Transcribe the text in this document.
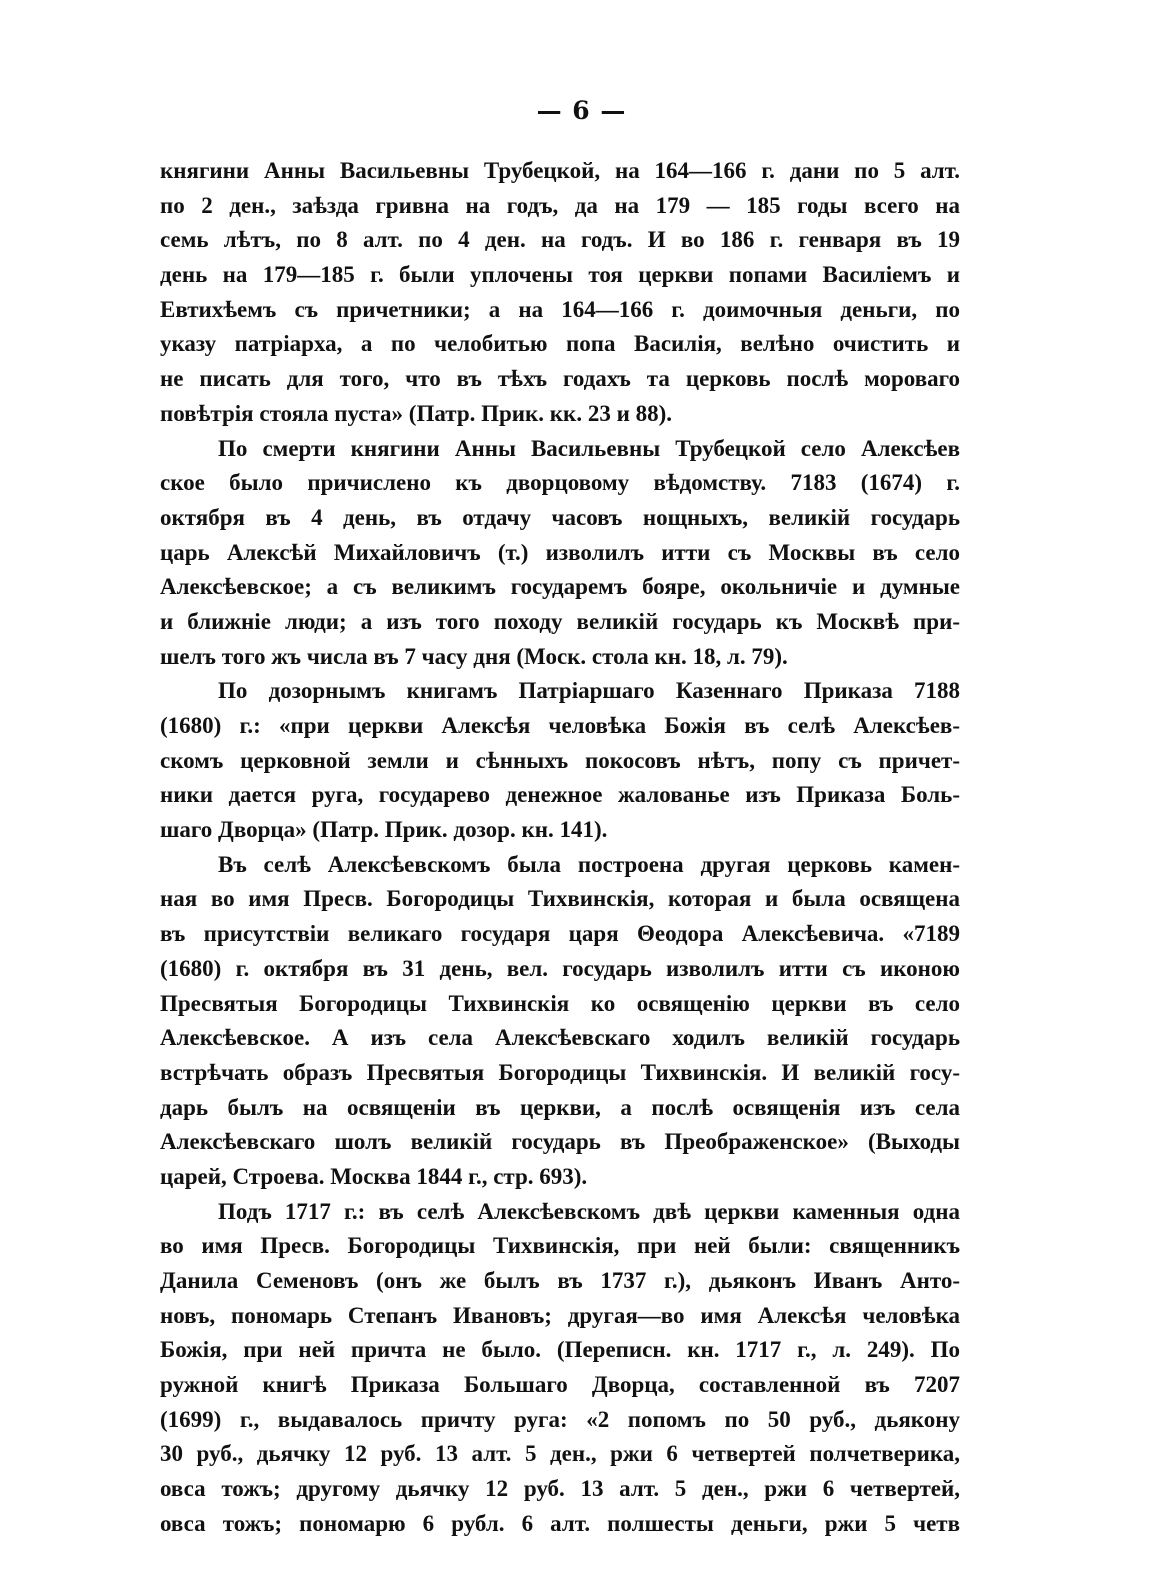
— 6 —
княгини Анны Васильевны Трубецкой, на 164—166 г. дани по 5 алт.
по 2 ден., заѣзда гривна на годъ, да на 179 — 185 годы всего на
семь лѣтъ, по 8 алт. по 4 ден. на годъ. И во 186 г. генваря въ 19
день на 179—185 г. были уплочены тоя церкви попами Василіемъ и
Евтихѣемъ съ причетники; а на 164—166 г. доимочныя деньги, по
указу патріарха, а по челобитью попа Василія, велѣно очистить и
не писать для того, что въ тѣхъ годахъ та церковь послѣ мороваго
повѣтрія стояла пуста» (Патр. Прик. кк. 23 и 88).
По смерти княгини Анны Васильевны Трубецкой село Алексѣев
ское было причислено къ дворцовому вѣдомству. 7183 (1674) г.
октября въ 4 день, въ отдачу часовъ нощныхъ, великій государь
царь Алексѣй Михайловичъ (т.) изволилъ итти съ Москвы въ село
Алексѣевское; а съ великимъ государемъ бояре, окольничіе и думные
и ближніе люди; а изъ того походу великій государь къ Москвѣ при-
шелъ того жъ числа въ 7 часу дня (Моск. стола кн. 18, л. 79).
По дозорнымъ книгамъ Патріаршаго Казеннаго Приказа 7188
(1680) г.: «при церкви Алексѣя человѣка Божія въ селѣ Алексѣев-
скомъ церковной земли и сѣнныхъ покосовъ нѣтъ, попу съ причет-
ники дается руга, государево денежное жалованье изъ Приказа Боль-
шаго Дворца» (Патр. Прик. дозор. кн. 141).
Въ селѣ Алексѣевскомъ была построена другая церковь камен-
ная во имя Пресв. Богородицы Тихвинскія, которая и была освящена
въ присутствіи великаго государя царя Θеодора Алексѣевича. «7189
(1680) г. октября въ 31 день, вел. государь изволилъ итти съ иконою
Пресвятыя Богородицы Тихвинскія ко освященію церкви въ село
Алексѣевское. А изъ села Алексѣевскаго ходилъ великій государь
встрѣчать образъ Пресвятыя Богородицы Тихвинскія. И великій госу-
дарь былъ на освященіи въ церкви, а послѣ освященія изъ села
Алексѣевскаго шолъ великій государь въ Преображенское» (Выходы
царей, Строева. Москва 1844 г., стр. 693).
Подъ 1717 г.: въ селѣ Алексѣевскомъ двѣ церкви каменныя одна
во имя Пресв. Богородицы Тихвинскія, при ней были: священникъ
Данила Семеновъ (онъ же былъ въ 1737 г.), дьяконъ Иванъ Анто-
новъ, пономарь Степанъ Ивановъ; другая—во имя Алексѣя человѣка
Божія, при ней причта не было. (Переписн. кн. 1717 г., л. 249). По
ружной книгѣ Приказа Большаго Дворца, составленной въ 7207
(1699) г., выдавалось причту руга: «2 попомъ по 50 руб., дьякону
30 руб., дьячку 12 руб. 13 алт. 5 ден., ржи 6 четвертей полчетверика,
овса тожъ; другому дьячку 12 руб. 13 алт. 5 ден., ржи 6 четвертей,
овса тожъ; пономарю 6 рубл. 6 алт. полшесты деньги, ржи 5 четв
